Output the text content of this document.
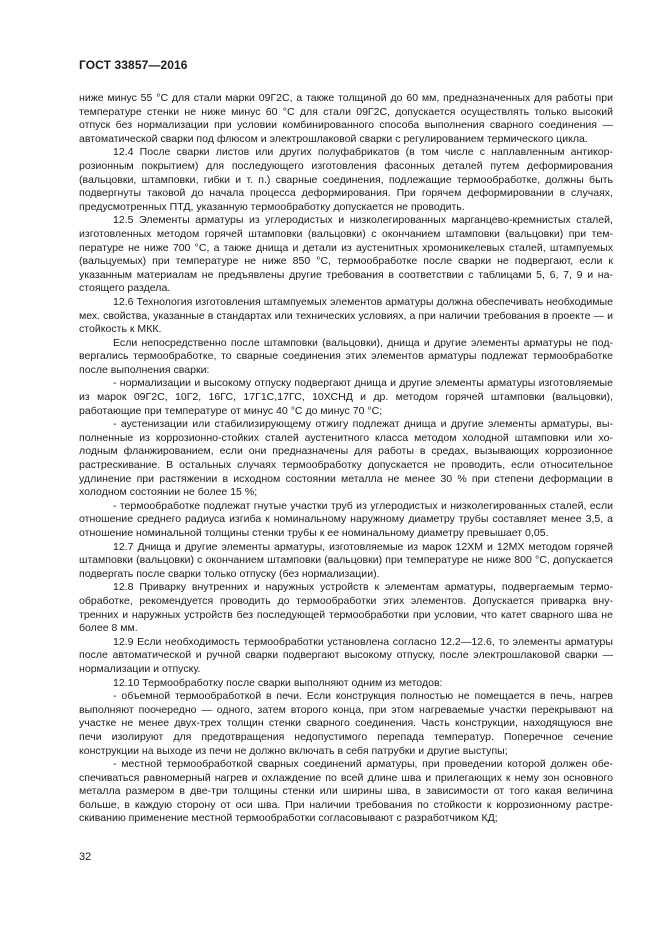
ГОСТ 33857—2016

ниже минус 55 °C для стали марки 09Г2С, а также толщиной до 60 мм, предназначенных для работы при температуре стенки не ниже минус 60 °C для стали 09Г2С, допускается осуществлять только высокий отпуск без нормализации при условии комбинированного способа выполнения сварного соединения — автоматической сварки под флюсом и электрошлаковой сварки с регулированием термического цикла.

12.4 После сварки листов или других полуфабрикатов (в том числе с наплавленным антикоррозионным покрытием) для последующего изготовления фасонных деталей путем деформирования (вальцовки, штамповки, гибки и т. п.) сварные соединения, подлежащие термообработке, должны быть подвергнуты таковой до начала процесса деформирования. При горячем деформировании в случаях, предусмотренных ПТД, указанную термообработку допускается не проводить.

12.5 Элементы арматуры из углеродистых и низколегированных марганцево-кремнистых сталей, изготовленных методом горячей штамповки (вальцовки) с окончанием штамповки (вальцовки) при температуре не ниже 700 °C, а также днища и детали из аустенитных хромоникелевых сталей, штампуемых (вальцуемых) при температуре не ниже 850 °C, термообработке после сварки не подвергают, если к указанным материалам не предъявлены другие требования в соответствии с таблицами 5, 6, 7, 9 и настоящего раздела.

12.6 Технология изготовления штампуемых элементов арматуры должна обеспечивать необходимые мех. свойства, указанные в стандартах или технических условиях, а при наличии требования в проекте — и стойкость к МКК.

Если непосредственно после штамповки (вальцовки), днища и другие элементы арматуры не подвергались термообработке, то сварные соединения этих элементов арматуры подлежат термообработке после выполнения сварки:

- нормализации и высокому отпуску подвергают днища и другие элементы арматуры изготовляемые из марок 09Г2С, 10Г2, 16ГС, 17Г1С,17ГС, 10ХСНД и др. методом горячей штамповки (вальцовки), работающие при температуре от минус 40 °C до минус 70 °C;

- аустенизации или стабилизирующему отжигу подлежат днища и другие элементы арматуры, выполненные из коррозионно-стойких сталей аустенитного класса методом холодной штамповки или холодным фланжированием, если они предназначены для работы в средах, вызывающих коррозионное растрескивание. В остальных случаях термообработку допускается не проводить, если относительное удлинение при растяжении в исходном состоянии металла не менее 30 % при степени деформации в холодном состоянии не более 15 %;

- термообработке подлежат гнутые участки труб из углеродистых и низколегированных сталей, если отношение среднего радиуса изгиба к номинальному наружному диаметру трубы составляет менее 3,5, а отношение номинальной толщины стенки трубы к ее номинальному диаметру превышает 0,05.

12.7 Днища и другие элементы арматуры, изготовляемые из марок 12ХМ и 12МХ методом горячей штамповки (вальцовки) с окончанием штамповки (вальцовки) при температуре не ниже 800 °C, допускается подвергать после сварки только отпуску (без нормализации).

12.8 Приварку внутренних и наружных устройств к элементам арматуры, подвергаемым термообработке, рекомендуется проводить до термообработки этих элементов. Допускается приварка внутренних и наружных устройств без последующей термообработки при условии, что катет сварного шва не более 8 мм.

12.9 Если необходимость термообработки установлена согласно 12.2—12.6, то элементы арматуры после автоматической и ручной сварки подвергают высокому отпуску, после электрошлаковой сварки — нормализации и отпуску.

12.10 Термообработку после сварки выполняют одним из методов:

- объемной термообработкой в печи. Если конструкция полностью не помещается в печь, нагрев выполняют поочередно — одного, затем второго конца, при этом нагреваемые участки перекрывают на участке не менее двух-трех толщин стенки сварного соединения. Часть конструкции, находящуюся вне печи изолируют для предотвращения недопустимого перепада температур. Поперечное сечение конструкции на выходе из печи не должно включать в себя патрубки и другие выступы;

- местной термообработкой сварных соединений арматуры, при проведении которой должен обеспечиваться равномерный нагрев и охлаждение по всей длине шва и прилегающих к нему зон основного металла размером в две-три толщины стенки или ширины шва, в зависимости от того какая величина больше, в каждую сторону от оси шва. При наличии требования по стойкости к коррозионному растрескиванию применение местной термообработки согласовывают с разработчиком КД;

32
